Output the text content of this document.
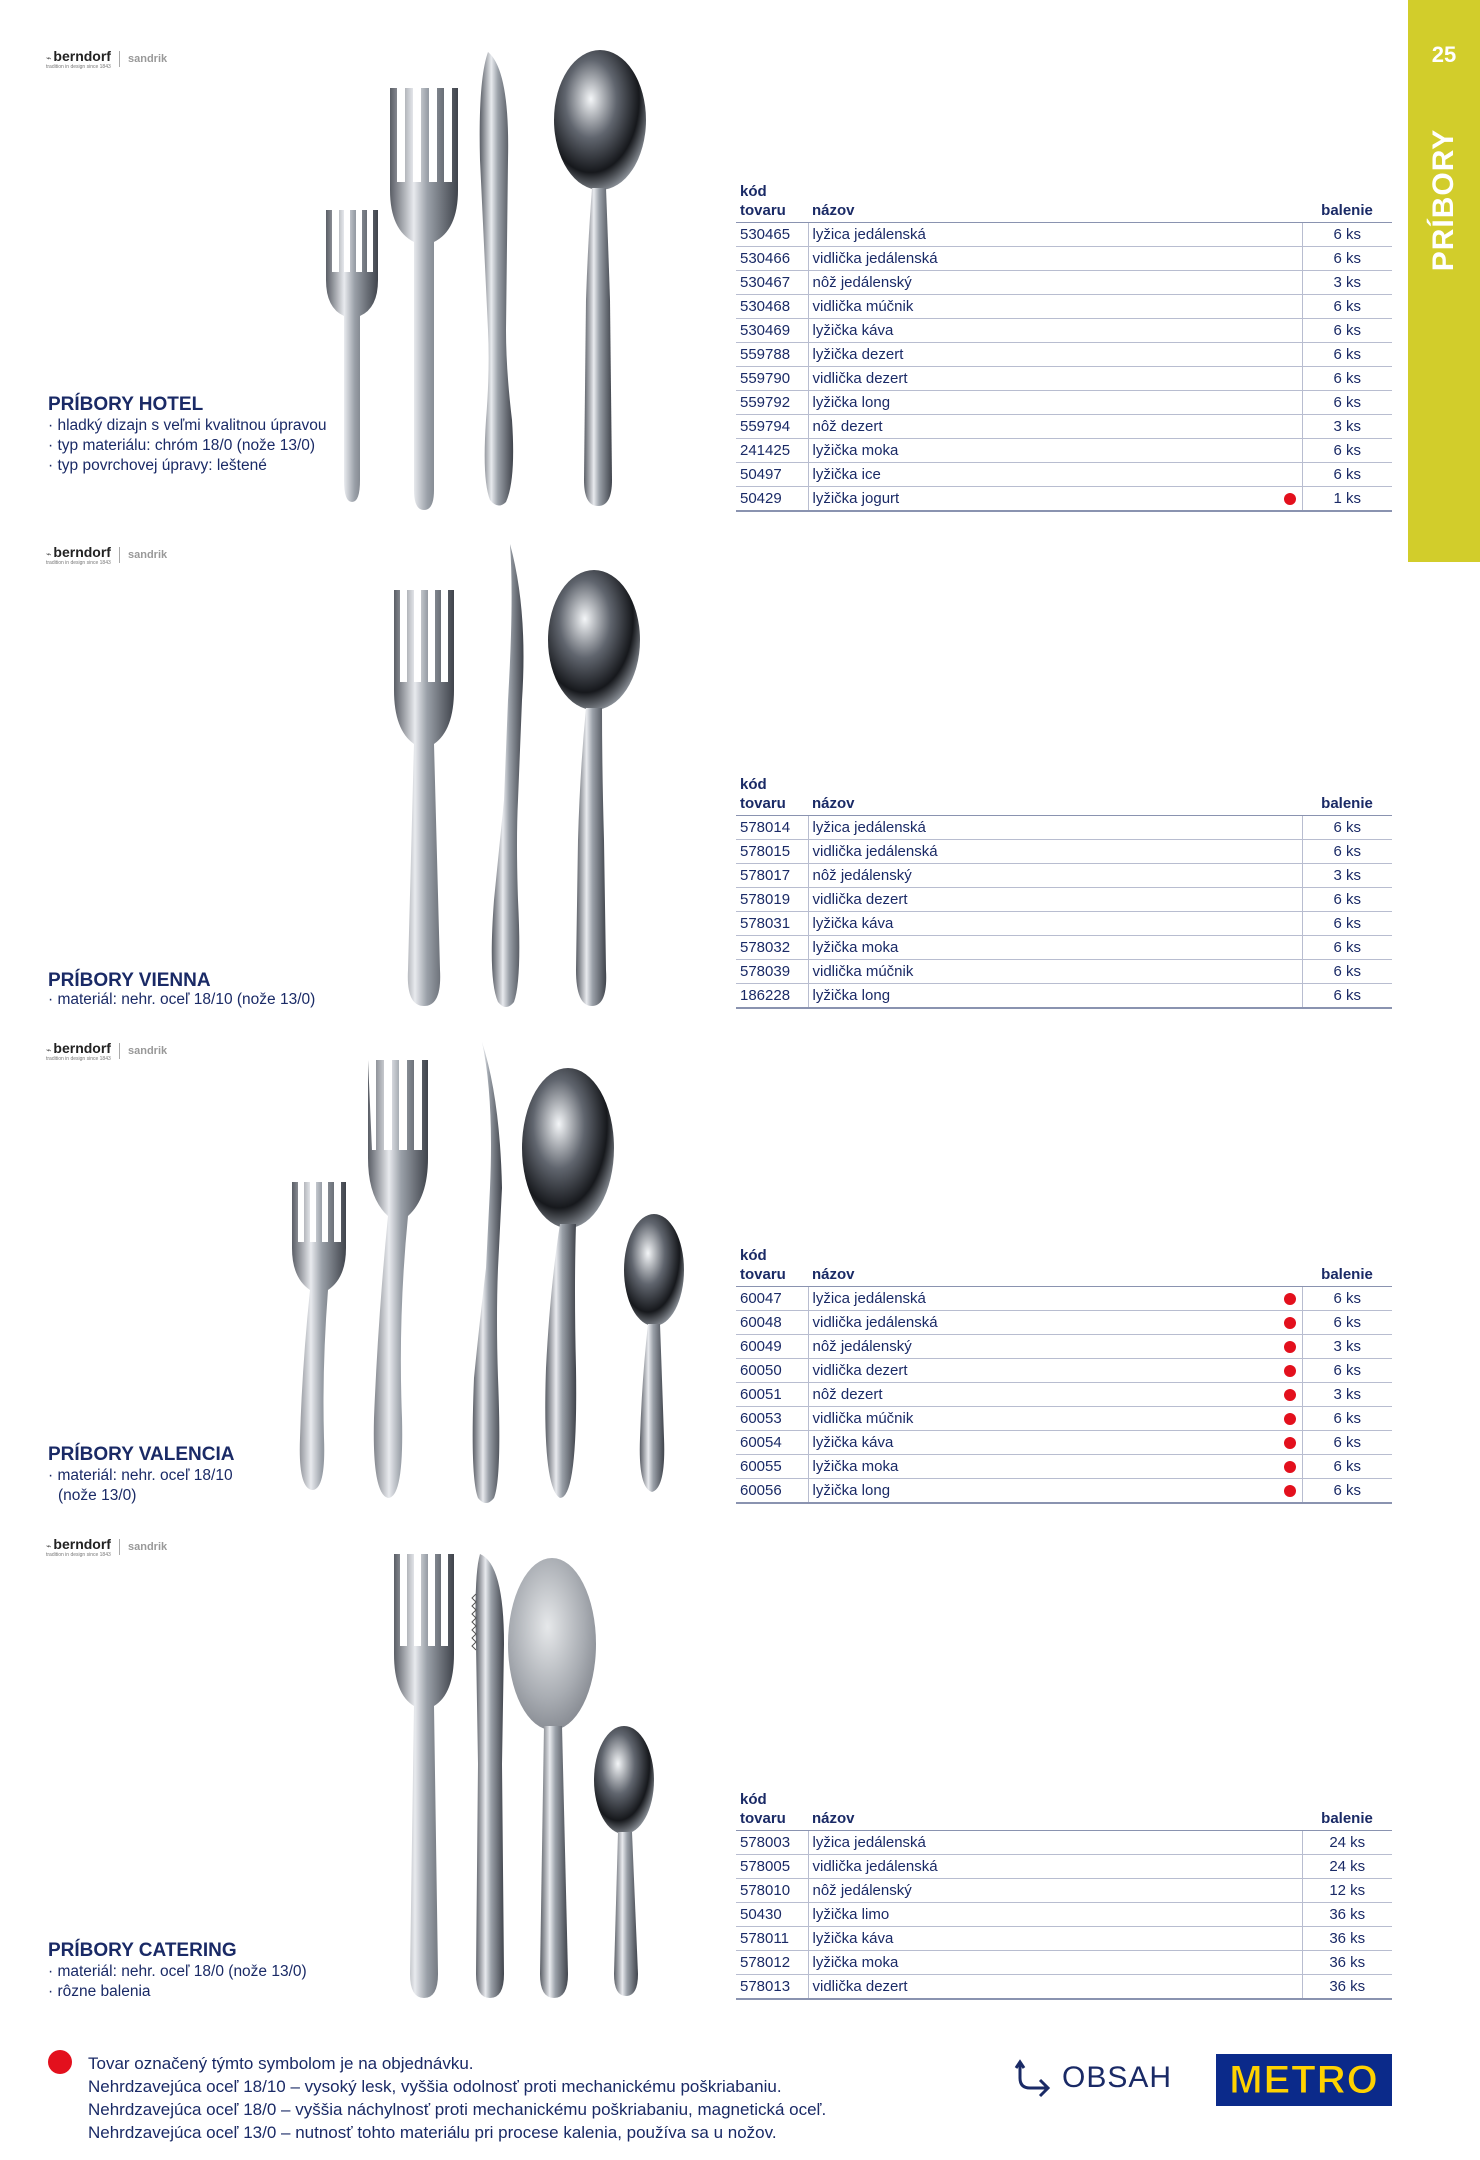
25
PRÍBORY
⌁ berndorf
tradition in design since 1843
sandrik
PRÍBORY HOTEL
· hladký dizajn s veľmi kvalitnou úpravou
· typ materiálu: chróm 18/0 (nože 13/0)
· typ povrchovej úpravy: leštené
kód tovaru	názov		balenie
530465	lyžica jedálenská		6 ks
530466	vidlička jedálenská		6 ks
530467	nôž jedálenský		3 ks
530468	vidlička múčnik		6 ks
530469	lyžička káva		6 ks
559788	lyžička dezert		6 ks
559790	vidlička dezert		6 ks
559792	lyžička long		6 ks
559794	nôž dezert		3 ks
241425	lyžička moka		6 ks
50497	lyžička ice		6 ks
50429	lyžička jogurt		1 ks
⌁ berndorf
tradition in design since 1843
sandrik
PRÍBORY VIENNA
· materiál: nehr. oceľ 18/10 (nože 13/0)
kód tovaru	názov		balenie
578014	lyžica jedálenská		6 ks
578015	vidlička jedálenská		6 ks
578017	nôž jedálenský		3 ks
578019	vidlička dezert		6 ks
578031	lyžička káva		6 ks
578032	lyžička moka		6 ks
578039	vidlička múčnik		6 ks
186228	lyžička long		6 ks
⌁ berndorf
tradition in design since 1843
sandrik
PRÍBORY VALENCIA
· materiál: nehr. oceľ 18/10 (nože 13/0)
kód tovaru	názov		balenie
60047	lyžica jedálenská		6 ks
60048	vidlička jedálenská		6 ks
60049	nôž jedálenský		3 ks
60050	vidlička dezert		6 ks
60051	nôž dezert		3 ks
60053	vidlička múčnik		6 ks
60054	lyžička káva		6 ks
60055	lyžička moka		6 ks
60056	lyžička long		6 ks
⌁ berndorf
tradition in design since 1843
sandrik
PRÍBORY CATERING
· materiál: nehr. oceľ 18/0 (nože 13/0)
· rôzne balenia
kód tovaru	názov		balenie
578003	lyžica jedálenská		24 ks
578005	vidlička jedálenská		24 ks
578010	nôž jedálenský		12 ks
50430	lyžička limo		36 ks
578011	lyžička káva		36 ks
578012	lyžička moka		36 ks
578013	vidlička dezert		36 ks
Tovar označený týmto symbolom je na objednávku.
Nehrdzavejúca oceľ 18/10 – vysoký lesk, vyššia odolnosť proti mechanickému poškriabaniu.
Nehrdzavejúca oceľ 18/0 – vyššia náchylnosť proti mechanickému poškriabaniu, magnetická oceľ.
Nehrdzavejúca oceľ 13/0 – nutnosť tohto materiálu pri procese kalenia, používa sa u nožov.
OBSAH METRO
